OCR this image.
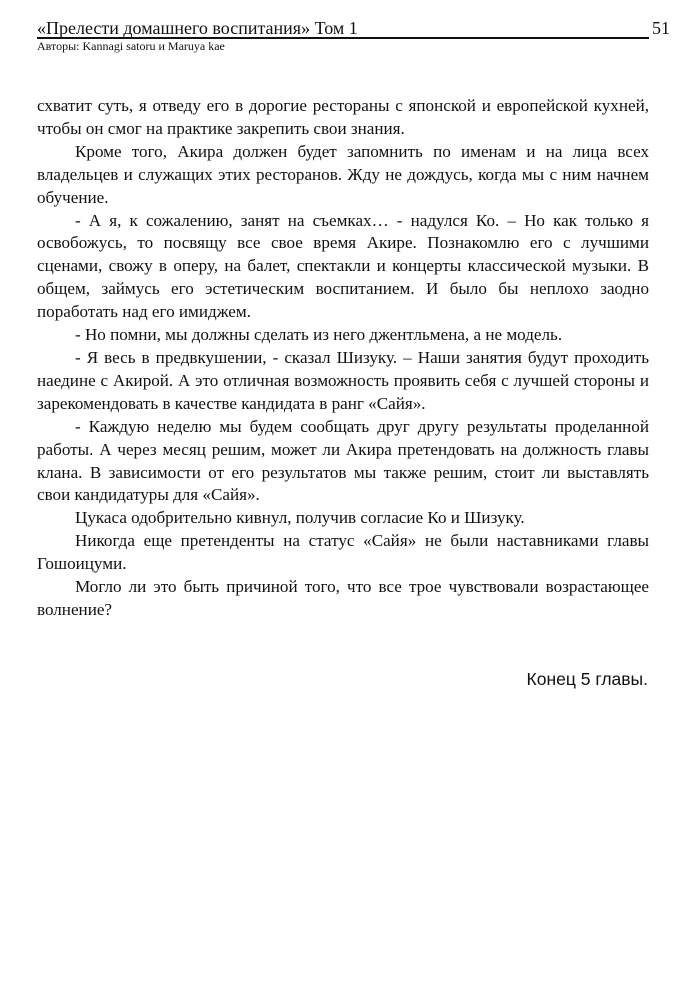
«Прелести домашнего воспитания» Том 1
Авторы: Kannagi satoru и Maruya kae
51

схватит суть, я отведу его в дорогие рестораны с японской и европейской кухней, чтобы он смог на практике закрепить свои знания.

Кроме того, Акира должен будет запомнить по именам и на лица всех владельцев и служащих этих ресторанов. Жду не дождусь, когда мы с ним начнем обучение.

- А я, к сожалению, занят на съемках… - надулся Ко. – Но как только я освобожусь, то посвящу все свое время Акире. Познакомлю его с лучшими сценами, свожу в оперу, на балет, спектакли и концерты классической музыки. В общем, займусь его эстетическим воспитанием. И было бы неплохо заодно поработать над его имиджем.

- Но помни, мы должны сделать из него джентльмена, а не модель.

- Я весь в предвкушении, - сказал Шизуку. – Наши занятия будут проходить наедине с Акирой. А это отличная возможность проявить себя с лучшей стороны и зарекомендовать в качестве кандидата в ранг «Сайя».

- Каждую неделю мы будем сообщать друг другу результаты проделанной работы. А через месяц решим, может ли Акира претендовать на должность главы клана. В зависимости от его результатов мы также решим, стоит ли выставлять свои кандидатуры для «Сайя».

Цукаса одобрительно кивнул, получив согласие Ко и Шизуку.

Никогда еще претенденты на статус «Сайя» не были наставниками главы Гошоицуми.

Могло ли это быть причиной того, что все трое чувствовали возрастающее волнение?

Конец 5 главы.
